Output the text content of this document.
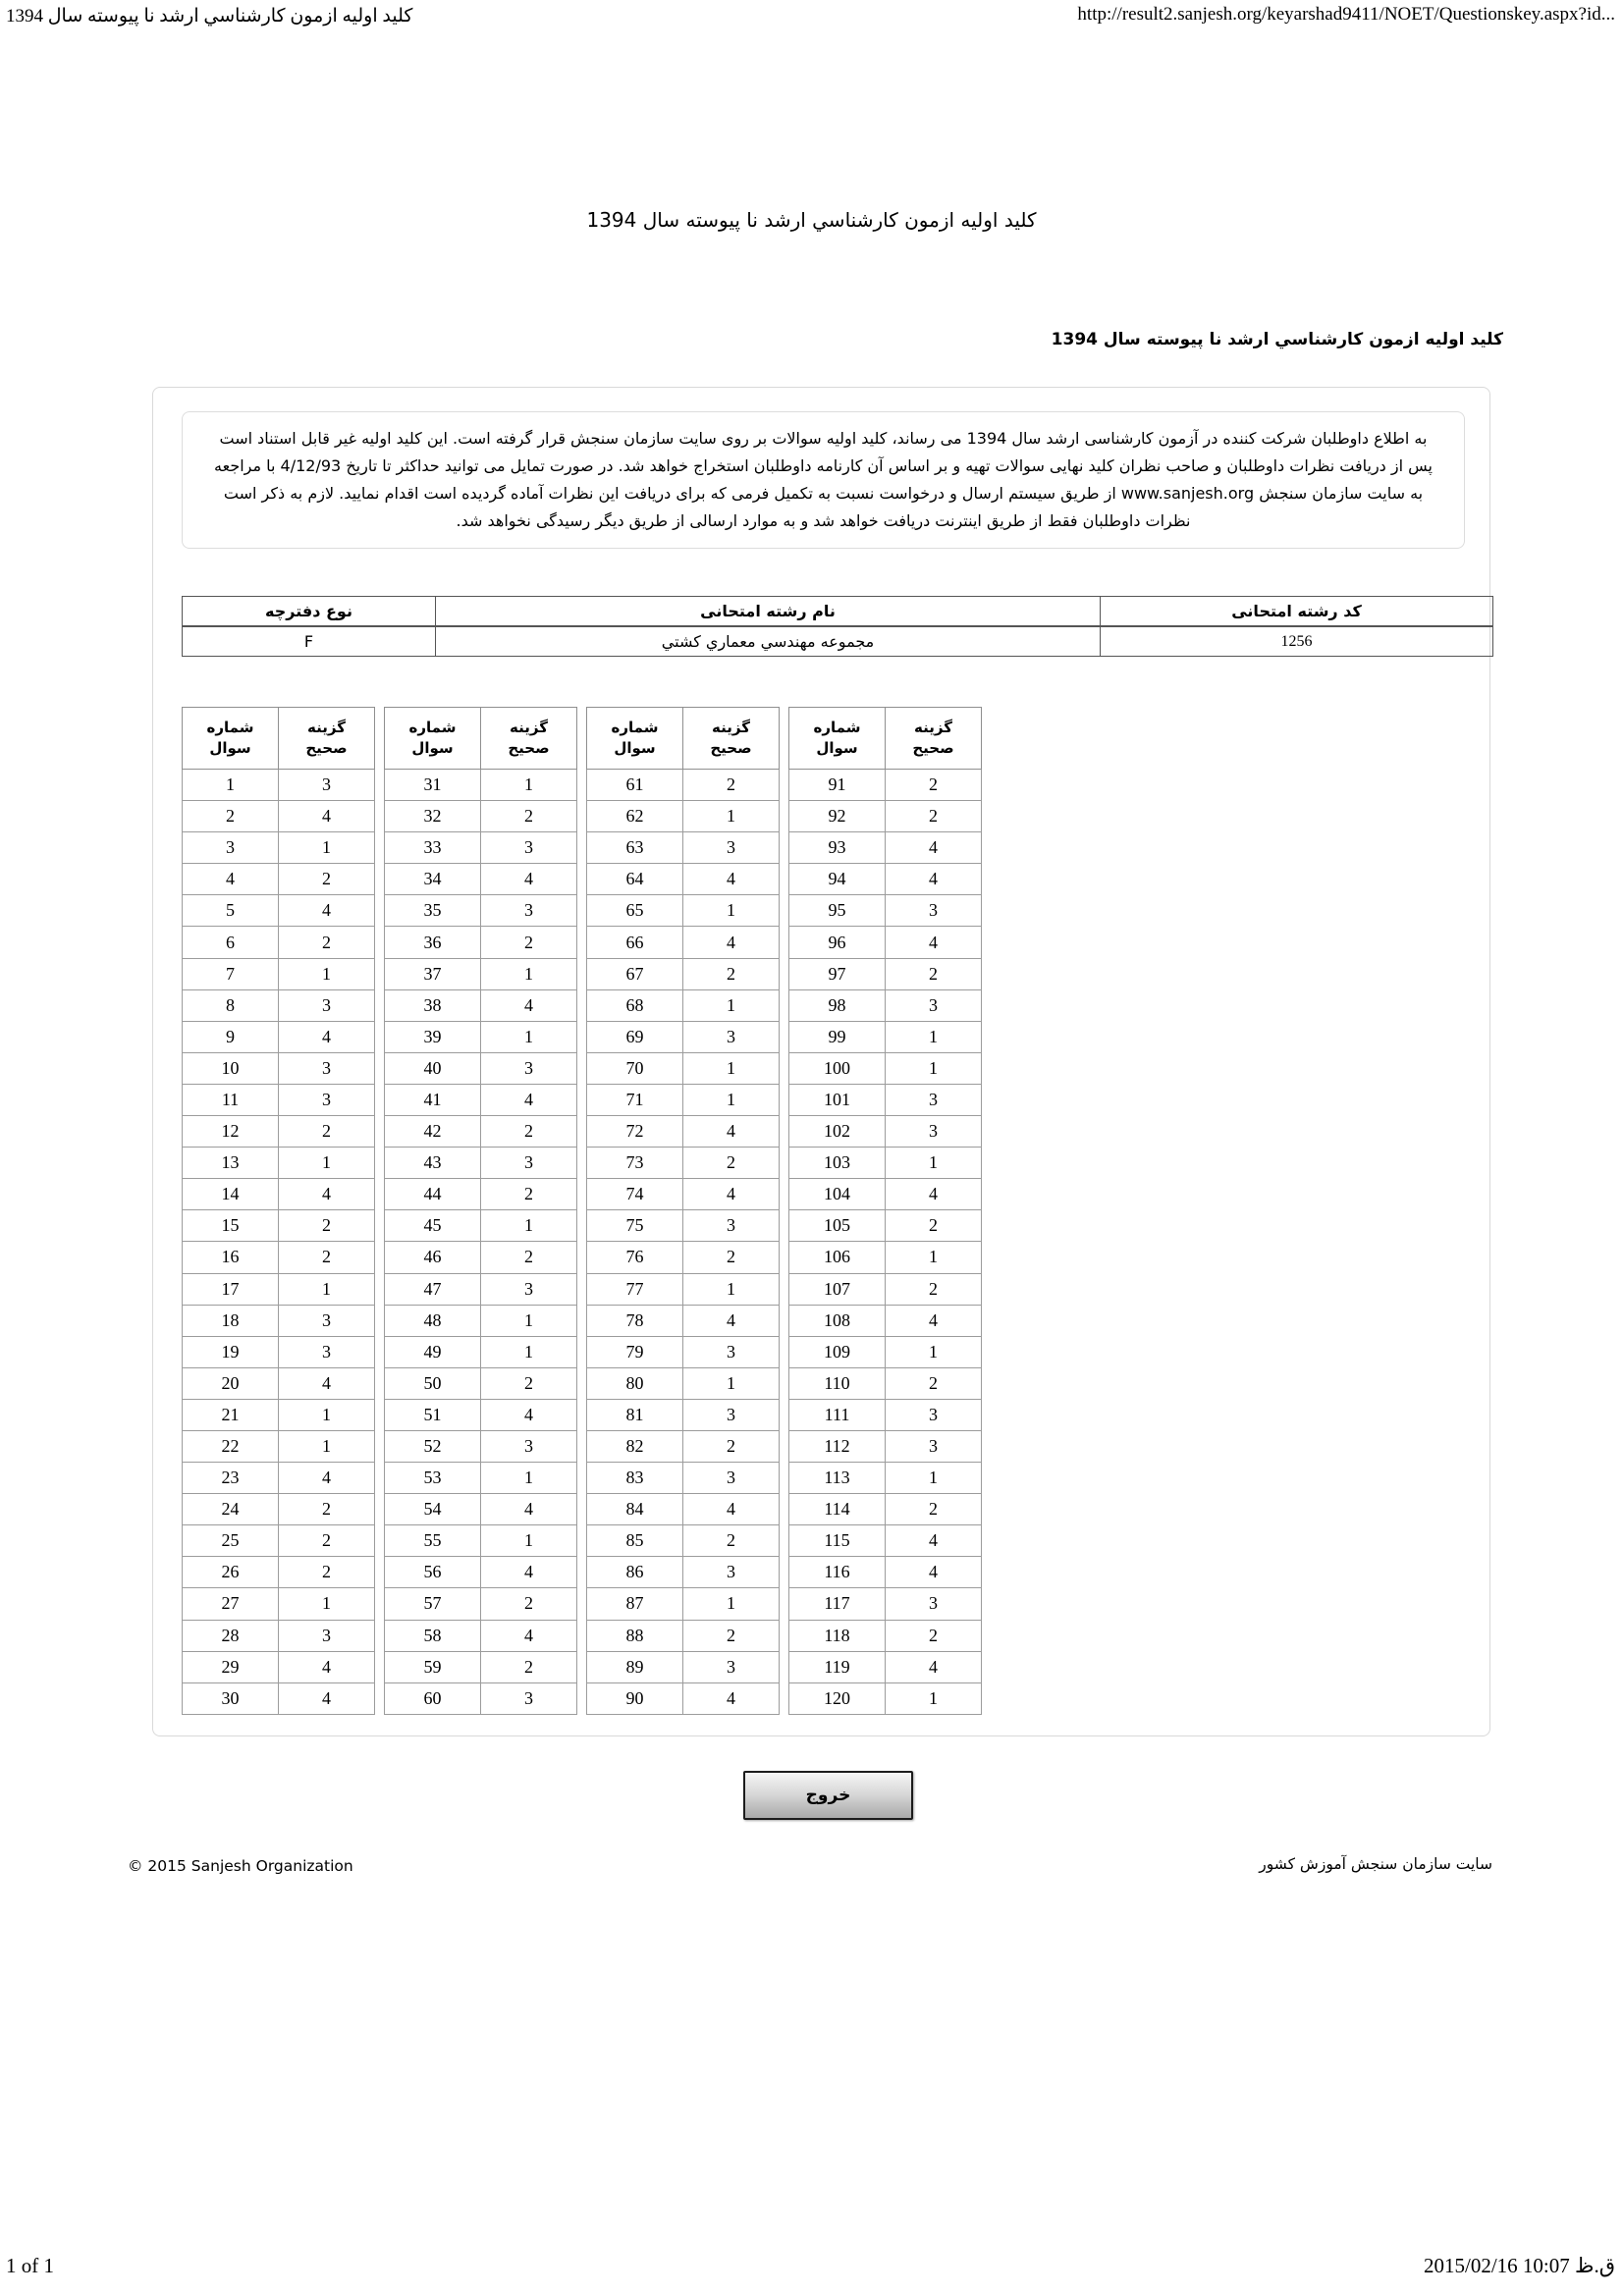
کلید اولیه ازمون کارشناسي ارشد نا پیوسته سال 1394	http://result2.sanjesh.org/keyarshad9411/NOET/Questionskey.aspx?id...
کلید اولیه ازمون کارشناسي ارشد نا پیوسته سال 1394
کلید اولیه ازمون کارشناسي ارشد نا پیوسته سال 1394
به اطلاع داوطلبان شرکت کننده در آزمون کارشناسی ارشد سال 1394 می رساند، کلید اولیه سوالات بر روی سایت سازمان سنجش قرار گرفته است. این کلید اولیه غیر قابل استناد است پس از دریافت نظرات داوطلبان و صاحب نظران کلید نهایی سوالات تهیه و بر اساس آن کارنامه داوطلبان استخراج خواهد شد. در صورت تمایل می توانید حداکثر تا تاریخ 4/12/93 با مراجعه به سایت سازمان سنجش www.sanjesh.org از طریق سیستم ارسال و درخواست نسبت به تکمیل فرمی که برای دریافت این نظرات آماده گردیده است اقدام نمایید. لازم به ذکر است نظرات داوطلبان فقط از طریق اینترنت دریافت خواهد شد و به موارد ارسالی از طریق دیگر رسیدگی نخواهد شد.
کد رشته امتحانی	نام رشته امتحانی	نوع دفترچه
1256	مجموعه مهندسي معماري کشتي	F
شماره
سوال	گزینه
صحیح
1	3
2	4
3	1
4	2
5	4
6	2
7	1
8	3
9	4
10	3
11	3
12	2
13	1
14	4
15	2
16	2
17	1
18	3
19	3
20	4
21	1
22	1
23	4
24	2
25	2
26	2
27	1
28	3
29	4
30	4
شماره
سوال	گزینه
صحیح
31	1
32	2
33	3
34	4
35	3
36	2
37	1
38	4
39	1
40	3
41	4
42	2
43	3
44	2
45	1
46	2
47	3
48	1
49	1
50	2
51	4
52	3
53	1
54	4
55	1
56	4
57	2
58	4
59	2
60	3
شماره
سوال	گزینه
صحیح
61	2
62	1
63	3
64	4
65	1
66	4
67	2
68	1
69	3
70	1
71	1
72	4
73	2
74	4
75	3
76	2
77	1
78	4
79	3
80	1
81	3
82	2
83	3
84	4
85	2
86	3
87	1
88	2
89	3
90	4
شماره
سوال	گزینه
صحیح
91	2
92	2
93	4
94	4
95	3
96	4
97	2
98	3
99	1
100	1
101	3
102	3
103	1
104	4
105	2
106	1
107	2
108	4
109	1
110	2
111	3
112	3
113	1
114	2
115	4
116	4
117	3
118	2
119	4
120	1
خروج
© 2015 Sanjesh Organization	سایت سازمان سنجش آموزش کشور
1 of 1	2015/02/16 10:07 ق.ظ
